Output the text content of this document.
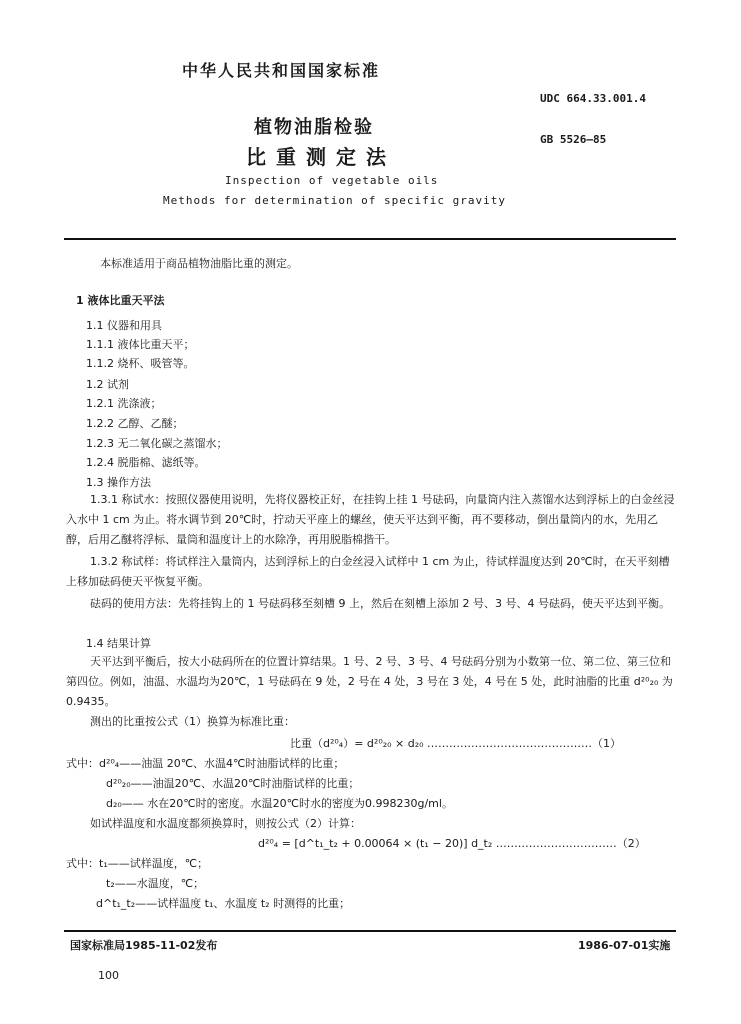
中华人民共和国国家标准
UDC 664.33.001.4
GB 5526—85
植物油脂检验
比重测定法
Inspection of vegetable oils
Methods for determination of specific gravity
本标准适用于商品植物油脂比重的测定。
1 液体比重天平法
1.1 仪器和用具
1.1.1 液体比重天平；
1.1.2 烧杯、吸管等。
1.2 试剂
1.2.1 洗涤液；
1.2.2 乙醇、乙醚；
1.2.3 无二氧化碳之蒸馏水；
1.2.4 脱脂棉、滤纸等。
1.3 操作方法
1.3.1 称试水：按照仪器使用说明，先将仪器校正好，在挂钩上挂 1 号砝码，向量筒内注入蒸馏水达到浮标上的白金丝浸入水中 1 cm 为止。将水调节到 20℃时，拧动天平座上的螺丝，使天平达到平衡，再不要移动，倒出量筒内的水，先用乙醇，后用乙醚将浮标、量筒和温度计上的水除净，再用脱脂棉揩干。
1.3.2 称试样：将试样注入量筒内，达到浮标上的白金丝浸入试样中 1 cm 为止，待试样温度达到 20℃时，在天平刻槽上移加砝码使天平恢复平衡。
砝码的使用方法：先将挂钩上的 1 号砝码移至刻槽 9 上，然后在刻槽上添加 2 号、3 号、4 号砝码，使天平达到平衡。
1.4 结果计算
天平达到平衡后，按大小砝码所在的位置计算结果。1 号、2 号、3 号、4 号砝码分别为小数第一位、第二位、第三位和第四位。例如，油温、水温均为20℃，1 号砝码在 9 处，2 号在 4 处，3 号在 3 处，4 号在 5 处，此时油脂的比重 d²⁰₂₀ 为 0.9435。
测出的比重按公式（1）换算为标准比重：
比重（d²⁰₄）= d²⁰₂₀ × d₂₀ ………………………………………（1）
式中：d²⁰₄——油温 20℃、水温4℃时油脂试样的比重；
d²⁰₂₀——油温20℃、水温20℃时油脂试样的比重；
d₂₀—— 水在20℃时的密度。水温20℃时水的密度为0.998230g/ml。
如试样温度和水温度都须换算时，则按公式（2）计算：
d²⁰₄ = [d^t₁_t₂ + 0.00064 × (t₁ − 20)] d_t₂ ……………………………（2）
式中：t₁——试样温度，℃；
t₂——水温度，℃；
d^t₁_t₂——试样温度 t₁、水温度 t₂ 时测得的比重；
国家标准局1985-11-02发布	1986-07-01实施
100
